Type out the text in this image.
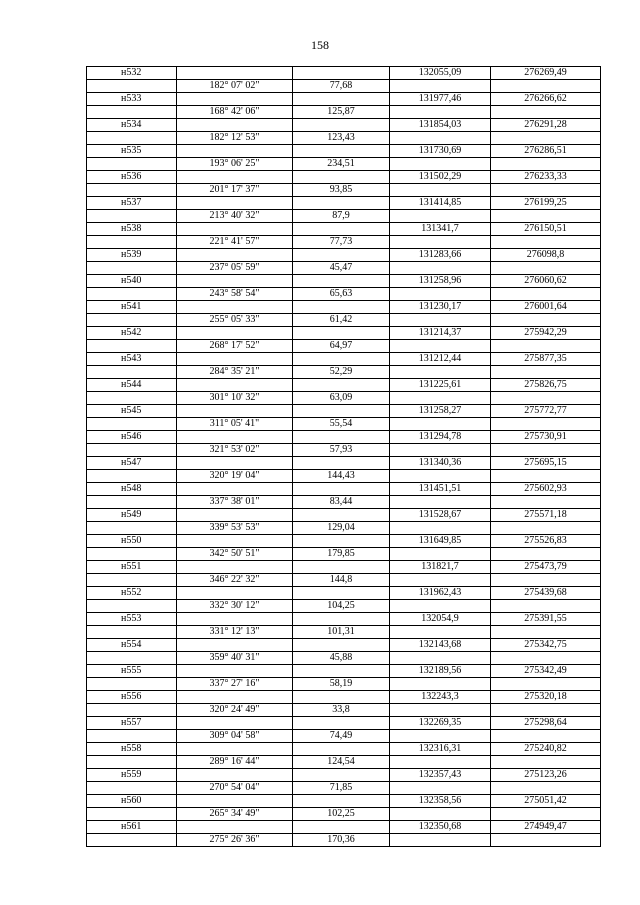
158
н532			132055,09	276269,49
	182° 07' 02"	77,68		
н533			131977,46	276266,62
	168° 42' 06"	125,87		
н534			131854,03	276291,28
	182° 12' 53"	123,43		
н535			131730,69	276286,51
	193° 06' 25"	234,51		
н536			131502,29	276233,33
	201° 17' 37"	93,85		
н537			131414,85	276199,25
	213° 40' 32"	87,9		
н538			131341,7	276150,51
	221° 41' 57"	77,73		
н539			131283,66	276098,8
	237° 05' 59"	45,47		
н540			131258,96	276060,62
	243° 58' 54"	65,63		
н541			131230,17	276001,64
	255° 05' 33"	61,42		
н542			131214,37	275942,29
	268° 17' 52"	64,97		
н543			131212,44	275877,35
	284° 35' 21"	52,29		
н544			131225,61	275826,75
	301° 10' 32"	63,09		
н545			131258,27	275772,77
	311° 05' 41"	55,54		
н546			131294,78	275730,91
	321° 53' 02"	57,93		
н547			131340,36	275695,15
	320° 19' 04"	144,43		
н548			131451,51	275602,93
	337° 38' 01"	83,44		
н549			131528,67	275571,18
	339° 53' 53"	129,04		
н550			131649,85	275526,83
	342° 50' 51"	179,85		
н551			131821,7	275473,79
	346° 22' 32"	144,8		
н552			131962,43	275439,68
	332° 30' 12"	104,25		
н553			132054,9	275391,55
	331° 12' 13"	101,31		
н554			132143,68	275342,75
	359° 40' 31"	45,88		
н555			132189,56	275342,49
	337° 27' 16"	58,19		
н556			132243,3	275320,18
	320° 24' 49"	33,8		
н557			132269,35	275298,64
	309° 04' 58"	74,49		
н558			132316,31	275240,82
	289° 16' 44"	124,54		
н559			132357,43	275123,26
	270° 54' 04"	71,85		
н560			132358,56	275051,42
	265° 34' 49"	102,25		
н561			132350,68	274949,47
	275° 26' 36"	170,36		
